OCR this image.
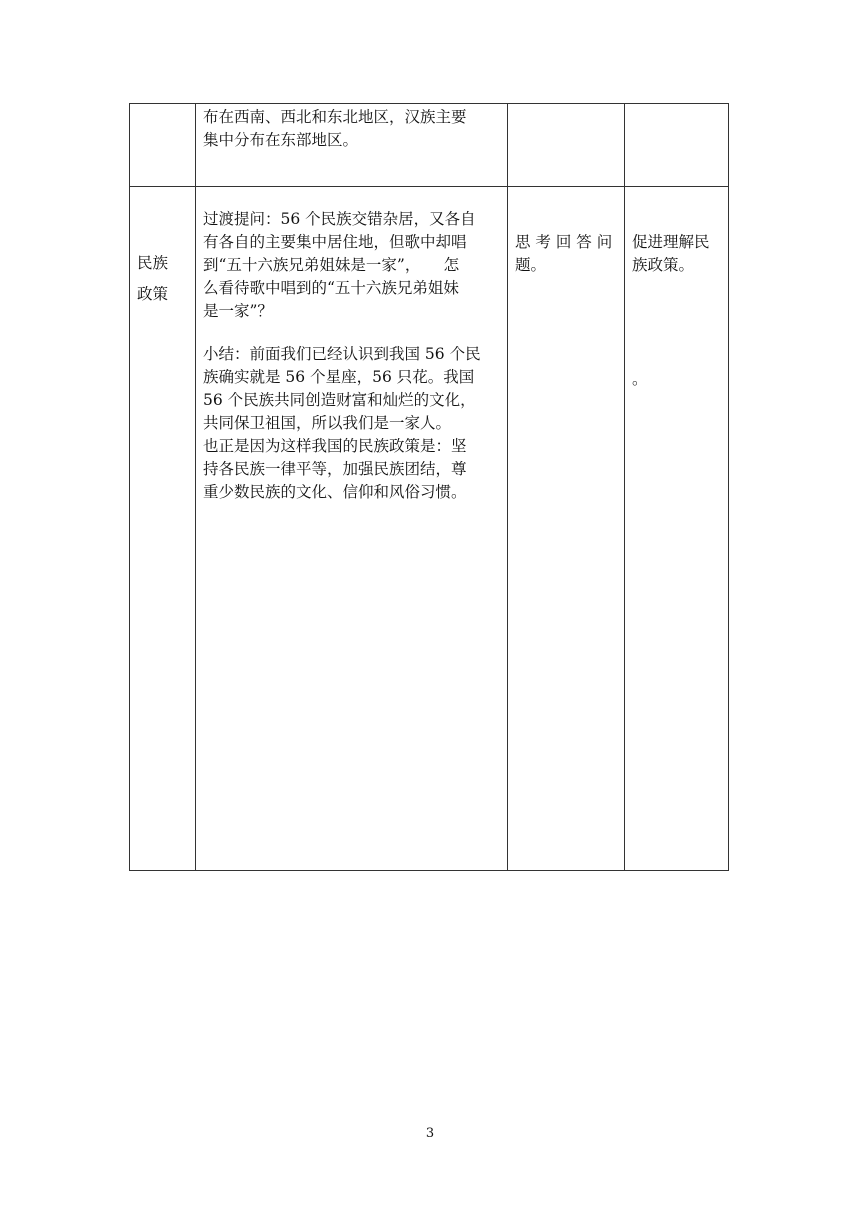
布在西南、西北和东北地区，汉族主要
集中分布在东部地区。
民族
政策
过渡提问：56 个民族交错杂居，又各自
有各自的主要集中居住地，但歌中却唱
到“五十六族兄弟姐妹是一家”，　　怎
么看待歌中唱到的“五十六族兄弟姐妹
是一家”？
小结：前面我们已经认识到我国 56 个民
族确实就是 56 个星座，56 只花。我国
56 个民族共同创造财富和灿烂的文化，
共同保卫祖国，所以我们是一家人。
也正是因为这样我国的民族政策是：坚
持各民族一律平等，加强民族团结，尊
重少数民族的文化、信仰和风俗习惯。
思 考 回 答 问
题。
促进理解民
族政策。
。
3
